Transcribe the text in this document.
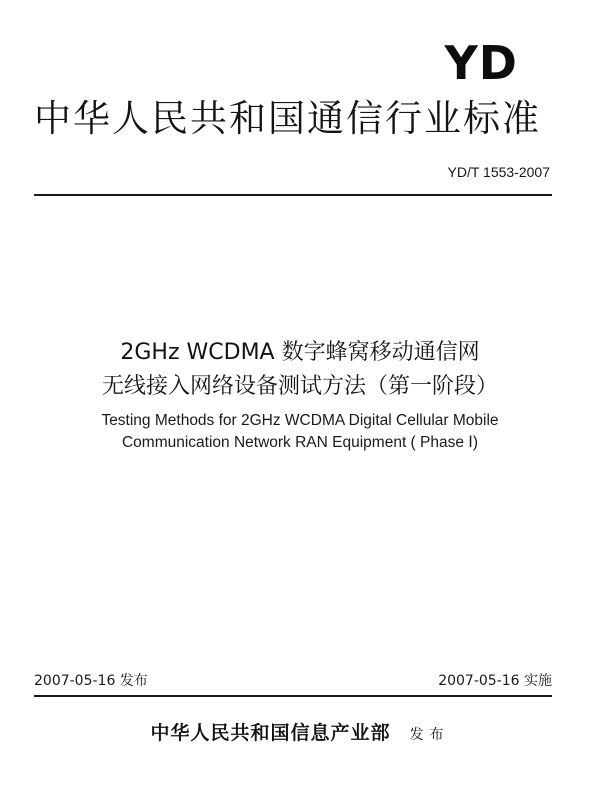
YD
中华人民共和国通信行业标准
YD/T 1553-2007
2GHz WCDMA 数字蜂窝移动通信网
无线接入网络设备测试方法（第一阶段）
Testing Methods for 2GHz WCDMA Digital Cellular Mobile
Communication Network RAN Equipment ( Phase Ⅰ)
2007-05-16 发布	2007-05-16 实施
中华人民共和国信息产业部 发布
